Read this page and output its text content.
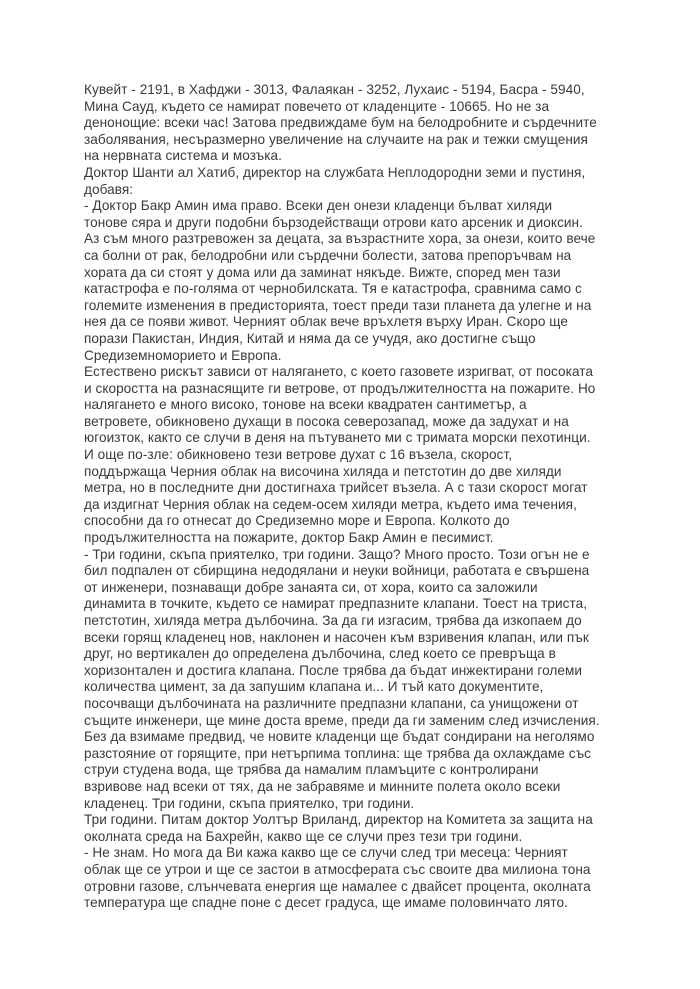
Кувейт - 2191, в Хафджи - 3013, Фалаякан - 3252, Лухаис - 5194, Басра - 5940,
Мина Сауд, където се намират повечето от кладенците - 10665. Но не за
денонощие: всеки час! Затова предвиждаме бум на белодробните и сърдечните
заболявания, несъразмерно увеличение на случаите на рак и тежки смущения
на нервната система и мозъка.
Доктор Шанти ал Хатиб, директор на службата Неплодородни земи и пустиня,
добавя:
- Доктор Бакр Амин има право. Всеки ден онези кладенци бълват хиляди
тонове сяра и други подобни бързодействащи отрови като арсеник и диоксин.
Аз съм много разтревожен за децата, за възрастните хора, за онези, които вече
са болни от рак, белодробни или сърдечни болести, затова препоръчвам на
хората да си стоят у дома или да заминат някъде. Вижте, според мен тази
катастрофа е по-голяма от чернобилската. Тя е катастрофа, сравнима само с
големите изменения в предисторията, тоест преди тази планета да улегне и на
нея да се появи живот. Черният облак вече връхлетя върху Иран. Скоро ще
порази Пакистан, Индия, Китай и няма да се учудя, ако достигне също
Средиземноморието и Европа.
Естествено рискът зависи от налягането, с което газовете изригват, от посоката
и скоростта на разнасящите ги ветрове, от продължителността на пожарите. Но
налягането е много високо, тонове на всеки квадратен сантиметър, а
ветровете, обикновено духащи в посока северозапад, може да задухат и на
югоизток, както се случи в деня на пътуването ми с тримата морски пехотинци.
И още по-зле: обикновено тези ветрове духат с 16 възела, скорост,
поддържаща Черния облак на височина хиляда и петстотин до две хиляди
метра, но в последните дни достигнаха трийсет възела. А с тази скорост могат
да издигнат Черния облак на седем-осем хиляди метра, където има течения,
способни да го отнесат до Средиземно море и Европа. Колкото до
продължителността на пожарите, доктор Бакр Амин е песимист.
- Три години, скъпа приятелко, три години. Защо? Много просто. Този огън не е
бил подпален от сбирщина недодялани и неуки войници, работата е свършена
от инженери, познаващи добре занаята си, от хора, които са заложили
динамита в точките, където се намират предпазните клапани. Тоест на триста,
петстотин, хиляда метра дълбочина. За да ги изгасим, трябва да изкопаем до
всеки горящ кладенец нов, наклонен и насочен към взривения клапан, или пък
друг, но вертикален до определена дълбочина, след което се превръща в
хоризонтален и достига клапана. После трябва да бъдат инжектирани големи
количества цимент, за да запушим клапана и... И тъй като документите,
посочващи дълбочината на различните предпазни клапани, са унищожени от
същите инженери, ще мине доста време, преди да ги заменим след изчисления.
Без да взимаме предвид, че новите кладенци ще бъдат сондирани на неголямо
разстояние от горящите, при нетърпима топлина: ще трябва да охлаждаме със
струи студена вода, ще трябва да намалим пламъците с контролирани
взривове над всеки от тях, да не забравяме и минните полета около всеки
кладенец. Три години, скъпа приятелко, три години.
Три години. Питам доктор Уолтър Вриланд, директор на Комитета за защита на
околната среда на Бахрейн, какво ще се случи през тези три години.
- Не знам. Но мога да Ви кажа какво ще се случи след три месеца: Черният
облак ще се утрои и ще се застои в атмосферата със своите два милиона тона
отровни газове, слънчевата енергия ще намалее с двайсет процента, околната
температура ще спадне поне с десет градуса, ще имаме половинчато лято.
